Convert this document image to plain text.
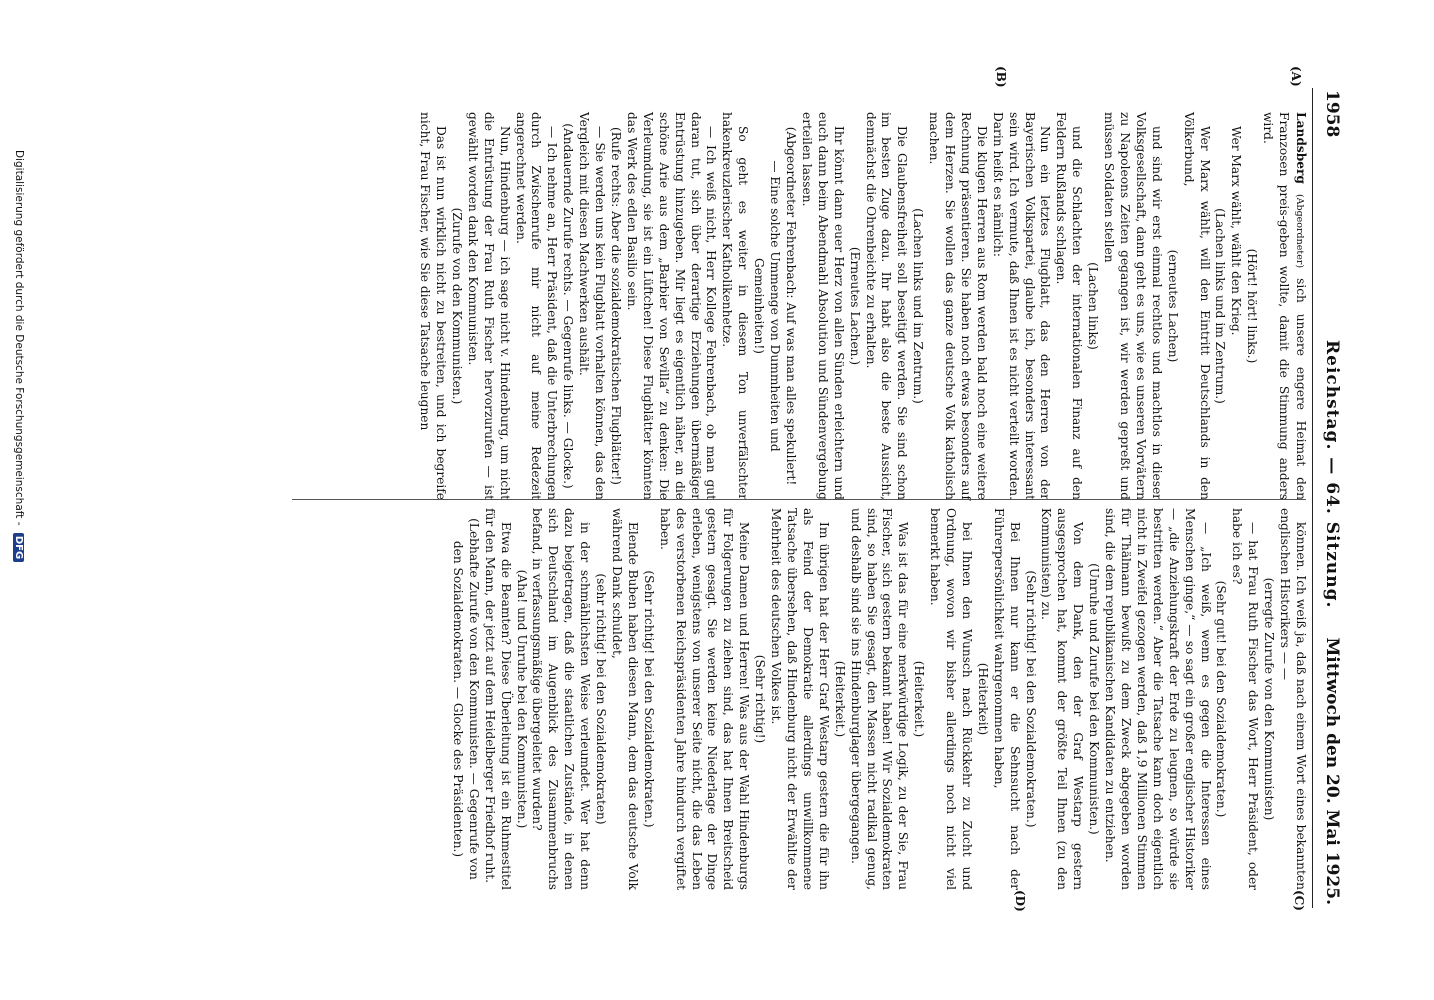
1958
Reichstag. — 64. Sitzung.
Mittwoch den 20. Mai 1925.
(A)
(B)
(C)
(D)

Landsberg (Abgeordneter) sich unsere engere Heimat den Franzosen preis-geben wollte, damit die Stimmung anders wird.

(Hört! hört! links.)

Wer Marx wählt, wählt den Krieg.

(Lachen links und im Zentrum.)

Wer Marx wählt, will den Eintritt Deutschlands in den Völkerbund,

(erneutes Lachen)

und sind wir erst einmal rechtlos und machtlos in dieser Volksgesellschaft, dann geht es uns, wie es unseren Vorvätern zu Napoleons Zeiten gegangen ist, wir werden gepreßt und müssen Soldaten stellen

(Lachen links)

und die Schlachten der internationalen Finanz auf den Feldern Rußlands schlagen.

Nun ein letztes Flugblatt, das den Herren von der Bayerischen Volkspartei, glaube ich, besonders interessant sein wird. Ich vermute, daß Ihnen ist es nicht verteilt worden. Darin heißt es nämlich:

Die klugen Herren aus Rom werden bald noch eine weitere Rechnung präsentieren. Sie haben noch etwas besonders auf dem Herzen. Sie wollen das ganze deutsche Volk katholisch machen.

(Lachen links und im Zentrum.)

Die Glaubensfreiheit soll beseitigt werden. Sie sind schon im besten Zuge dazu. Ihr habt also die beste Aussicht, demnächst die Ohrenbeichte zu erhalten.

(Erneutes Lachen.)

Ihr könnt dann euer Herz von allen Sünden erleichtern und euch dann beim Abendmahl Absolution und Sündenvergebung erteilen lassen.

(Abgeordneter Fehrenbach: Auf was man alles spekuliert! — Eine solche Ummenge von Dummheiten und Gemeinheiten!)

So geht es weiter in diesem Ton unverfälschter hakenkreuzlerischer Katholikenhetze.

— Ich weiß nicht, Herr Kollege Fehrenbach, ob man gut daran tut, sich über derartige Erziehungen übermäßiger Entrüstung hinzugeben. Mir liegt es eigentlich näher, an die schöne Arie aus dem „Barbier von Sevilla“ zu denken: Die Verleumdung, sie ist ein Lüftchen! Diese Flugblätter könnten das Werk des edlen Basilio sein.

(Rufe rechts: Aber die sozialdemokratischen Flugblätter!)

— Sie werden uns kein Flugblatt vorhalten können, das den Vergleich mit diesen Machwerken aushält.

(Andauernde Zurufe rechts. — Gegenrufe links. — Glocke.)

— Ich nehme an, Herr Präsident, daß die Unterbrechungen durch Zwischenrufe mir nicht auf meine Redezeit angerechnet werden.

Nun, Hindenburg — ich sage nicht v. Hindenburg, um nicht die Entrüstung der Frau Ruth Fischer hervorzurufen — ist gewählt worden dank den Kommunisten.

(Zurufe von den Kommunisten.)

Das ist nun wirklich nicht zu bestreiten, und ich begreife nicht, Frau Fischer, wie Sie diese Tatsache leugnen

können. Ich weiß ja, daß nach einem Wort eines bekannten englischen Historikers — —

(erregte Zurufe von den Kommunisten)

— hat Frau Ruth Fischer das Wort, Herr Präsident, oder habe ich es?

(Sehr gut! bei den Sozialdemokraten.)

— „Ich weiß, wenn es gegen die Interessen eines Menschen ginge,“ — so sagt ein großer englischer Historiker — „die Anziehungskraft der Erde zu leugnen, so würde sie bestritten werden.“ Aber die Tatsache kann doch eigentlich nicht in Zweifel gezogen werden, daß 1,9 Millionen Stimmen für Thälmann bewußt zu dem Zweck abgegeben worden sind, die dem republikanischen Kandidaten zu entziehen.

(Unruhe und Zurufe bei den Kommunisten.)

Von dem Dank, den der Graf Westarp gestern ausgesprochen hat, kommt der größte Teil Ihnen (zu den Kommunisten) zu.

(Sehr richtig! bei den Sozialdemokraten.)

Bei Ihnen nur kann er die Sehnsucht nach der Führerpersönlichkeit wahrgenommen haben,

(Heiterkeit)

bei Ihnen den Wunsch nach Rückkehr zu Zucht und Ordnung, wovon wir bisher allerdings noch nicht viel bemerkt haben.

(Heiterkeit.)

Was ist das für eine merkwürdige Logik, zu der Sie, Frau Fischer, sich gestern bekannt haben! Wir Sozialdemokraten sind, so haben Sie gesagt, den Massen nicht radikal genug, und deshalb sind sie ins Hindenburglager übergegangen.

(Heiterkeit.)

Im übrigen hat der Herr Graf Westarp gestern die für ihn als Feind der Demokratie allerdings unwillkommene Tatsache übersehen, daß Hindenburg nicht der Erwählte der Mehrheit des deutschen Volkes ist.

(Sehr richtig!)

Meine Damen und Herren! Was aus der Wahl Hindenburgs für Folgerungen zu ziehen sind, das hat Ihnen Breitscheid gestern gesagt. Sie werden keine Niederlage der Dinge erleben, wenigstens von unserer Seite nicht, die das Leben des verstorbenen Reichspräsidenten Jahre hindurch vergiftet haben.

(Sehr richtig! bei den Sozialdemokraten.)

Elende Buben haben diesen Mann, dem das deutsche Volk während Dank schuldet,

(sehr richtig! bei den Sozialdemokraten)

in der schmählichsten Weise verleumdet. Wer hat denn dazu beigetragen, daß die staatlichen Zustände, in denen sich Deutschland im Augenblick des Zusammenbruchs befand, in verfassungsmäßige übergeleitet wurden?

(Aha! und Unruhe bei den Kommunisten.)

Etwa die Beamten? Diese Überleitung ist ein Ruhmestitel für den Mann, der jetzt auf dem Heidelberger Friedhof ruht.

(Lebhafte Zurufe von den Kommunisten. — Gegenrufe von den Sozialdemokraten. — Glocke des Präsidenten.)

Digitalisierung gefördert durch die Deutsche Forschungsgemeinschaft - DFG
